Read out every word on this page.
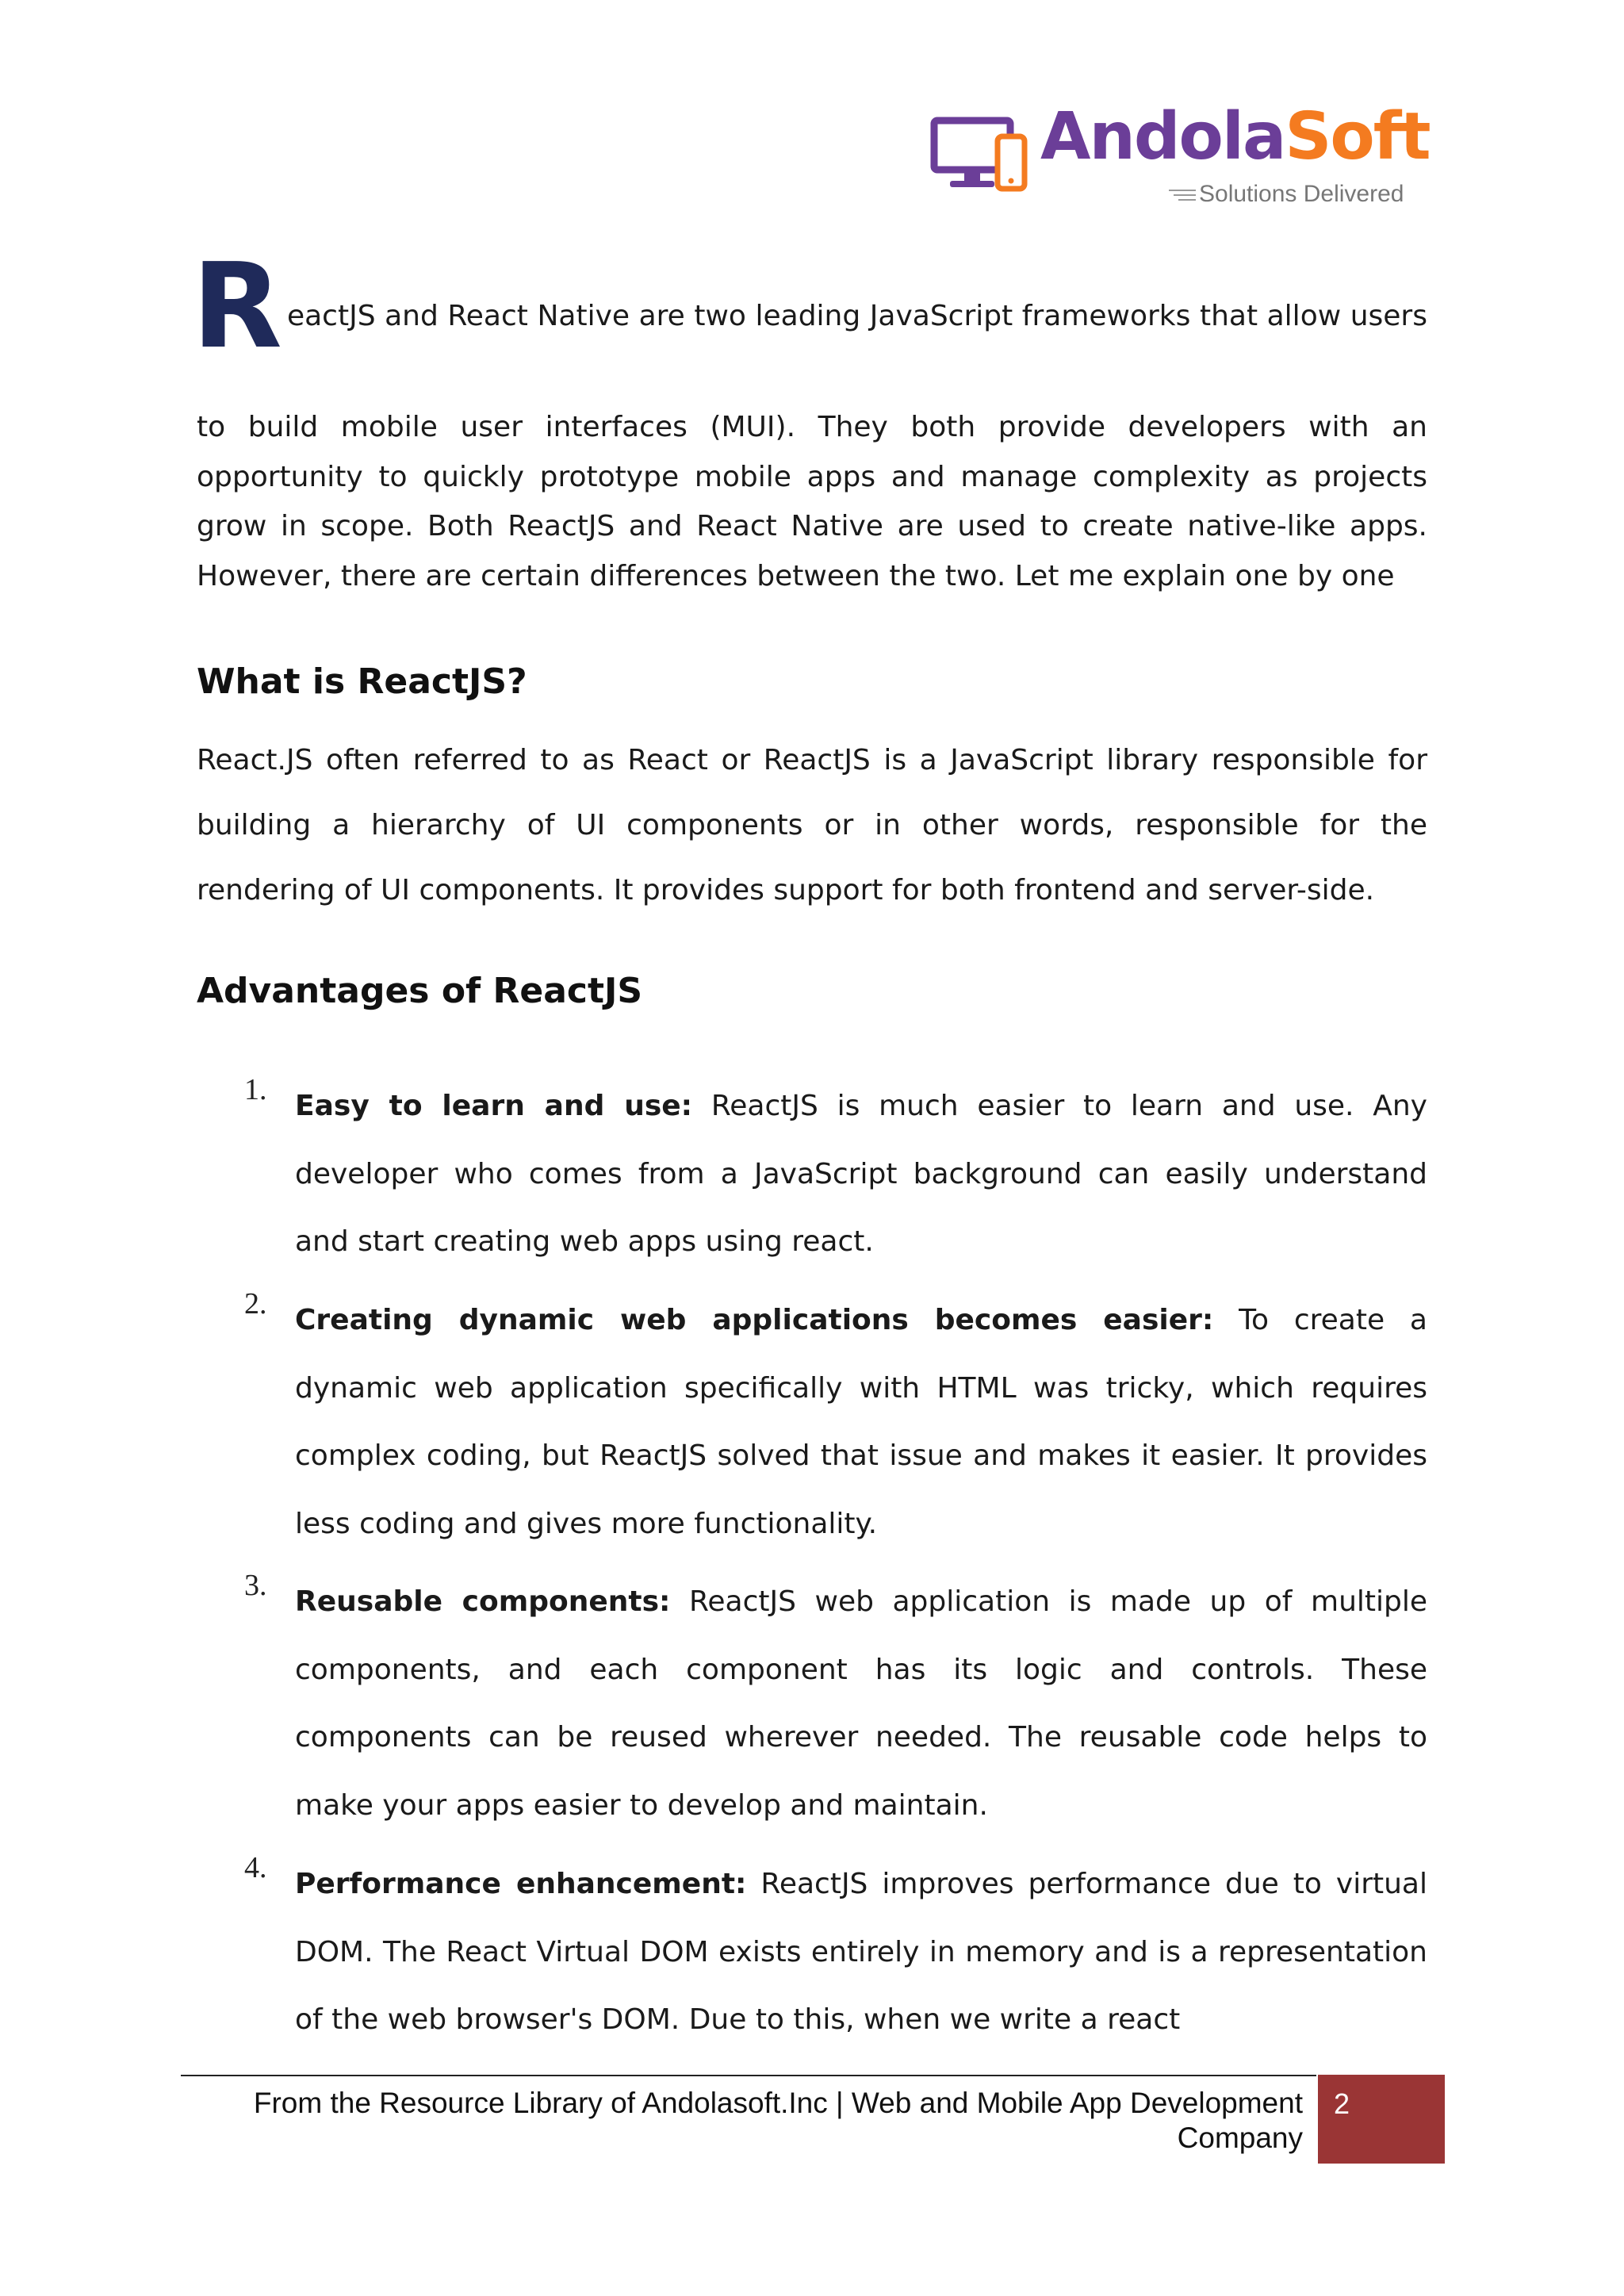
AndolaSoft
Solutions Delivered
R eactJS and React Native are two leading JavaScript frameworks that allow users
to build mobile user interfaces (MUI). They both provide developers with an opportunity to quickly prototype mobile apps and manage complexity as projects grow in scope. Both ReactJS and React Native are used to create native-like apps. However, there are certain differences between the two. Let me explain one by one
What is ReactJS?
React.JS often referred to as React or ReactJS is a JavaScript library responsible for building a hierarchy of UI components or in other words, responsible for the rendering of UI components. It provides support for both frontend and server-side.
Advantages of ReactJS
1. Easy to learn and use: ReactJS is much easier to learn and use. Any developer who comes from a JavaScript background can easily understand and start creating web apps using react.
2. Creating dynamic web applications becomes easier: To create a dynamic web application specifically with HTML was tricky, which requires complex coding, but ReactJS solved that issue and makes it easier. It provides less coding and gives more functionality.
3. Reusable components: ReactJS web application is made up of multiple components, and each component has its logic and controls. These components can be reused wherever needed. The reusable code helps to make your apps easier to develop and maintain.
4. Performance enhancement: ReactJS improves performance due to virtual DOM. The React Virtual DOM exists entirely in memory and is a representation of the web browser's DOM. Due to this, when we write a react
From the Resource Library of Andolasoft.Inc | Web and Mobile App Development Company
2
